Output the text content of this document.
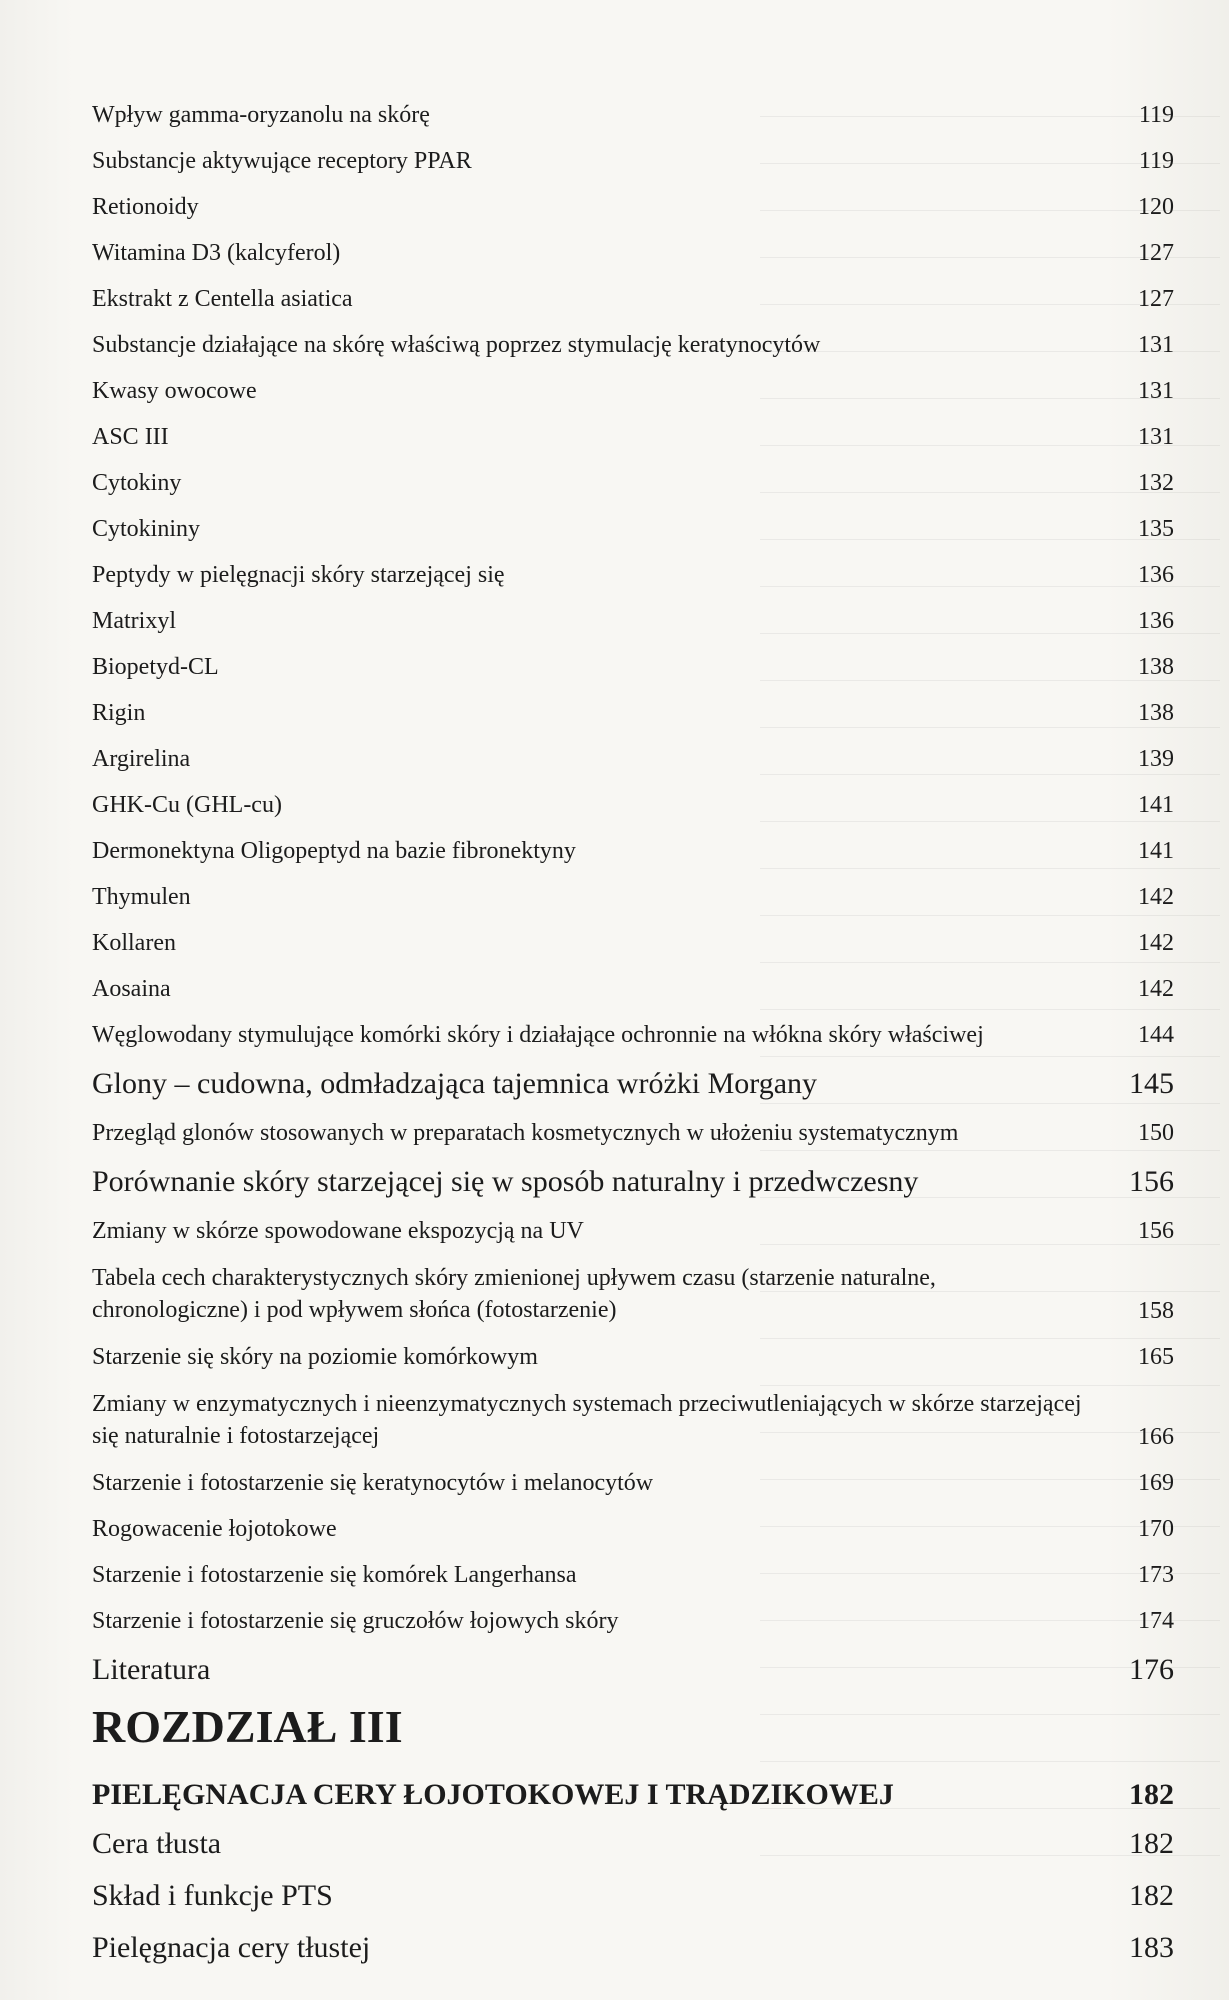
Wpływ gamma-oryzanolu na skórę	119
Substancje aktywujące receptory PPAR	119
Retionoidy	120
Witamina D3 (kalcyferol)	127
Ekstrakt z Centella asiatica	127
Substancje działające na skórę właściwą poprzez stymulację keratynocytów	131
Kwasy owocowe	131
ASC III	131
Cytokiny	132
Cytokininy	135
Peptydy w pielęgnacji skóry starzejącej się	136
Matrixyl	136
Biopetyd-CL	138
Rigin	138
Argirelina	139
GHK-Cu (GHL-cu)	141
Dermonektyna Oligopeptyd na bazie fibronektyny	141
Thymulen	142
Kollaren	142
Aosaina	142
Węglowodany stymulujące komórki skóry i działające ochronnie na włókna skóry właściwej	144
Glony – cudowna, odmładzająca tajemnica wróżki Morgany	145
Przegląd glonów stosowanych w preparatach kosmetycznych w ułożeniu systematycznym	150
Porównanie skóry starzejącej się w sposób naturalny i przedwczesny	156
Zmiany w skórze spowodowane ekspozycją na UV	156
Tabela cech charakterystycznych skóry zmienionej upływem czasu (starzenie naturalne, chronologiczne) i pod wpływem słońca (fotostarzenie)	158
Starzenie się skóry na poziomie komórkowym	165
Zmiany w enzymatycznych i nieenzymatycznych systemach przeciwutleniających w skórze starzejącej się naturalnie i fotostarzejącej	166
Starzenie i fotostarzenie się keratynocytów i melanocytów	169
Rogowacenie łojotokowe	170
Starzenie i fotostarzenie się komórek Langerhansa	173
Starzenie i fotostarzenie się gruczołów łojowych skóry	174
Literatura	176
ROZDZIAŁ III
PIELĘGNACJA CERY ŁOJOTOKOWEJ I TRĄDZIKOWEJ	182
Cera tłusta	182
Skład i funkcje PTS	182
Pielęgnacja cery tłustej	183
